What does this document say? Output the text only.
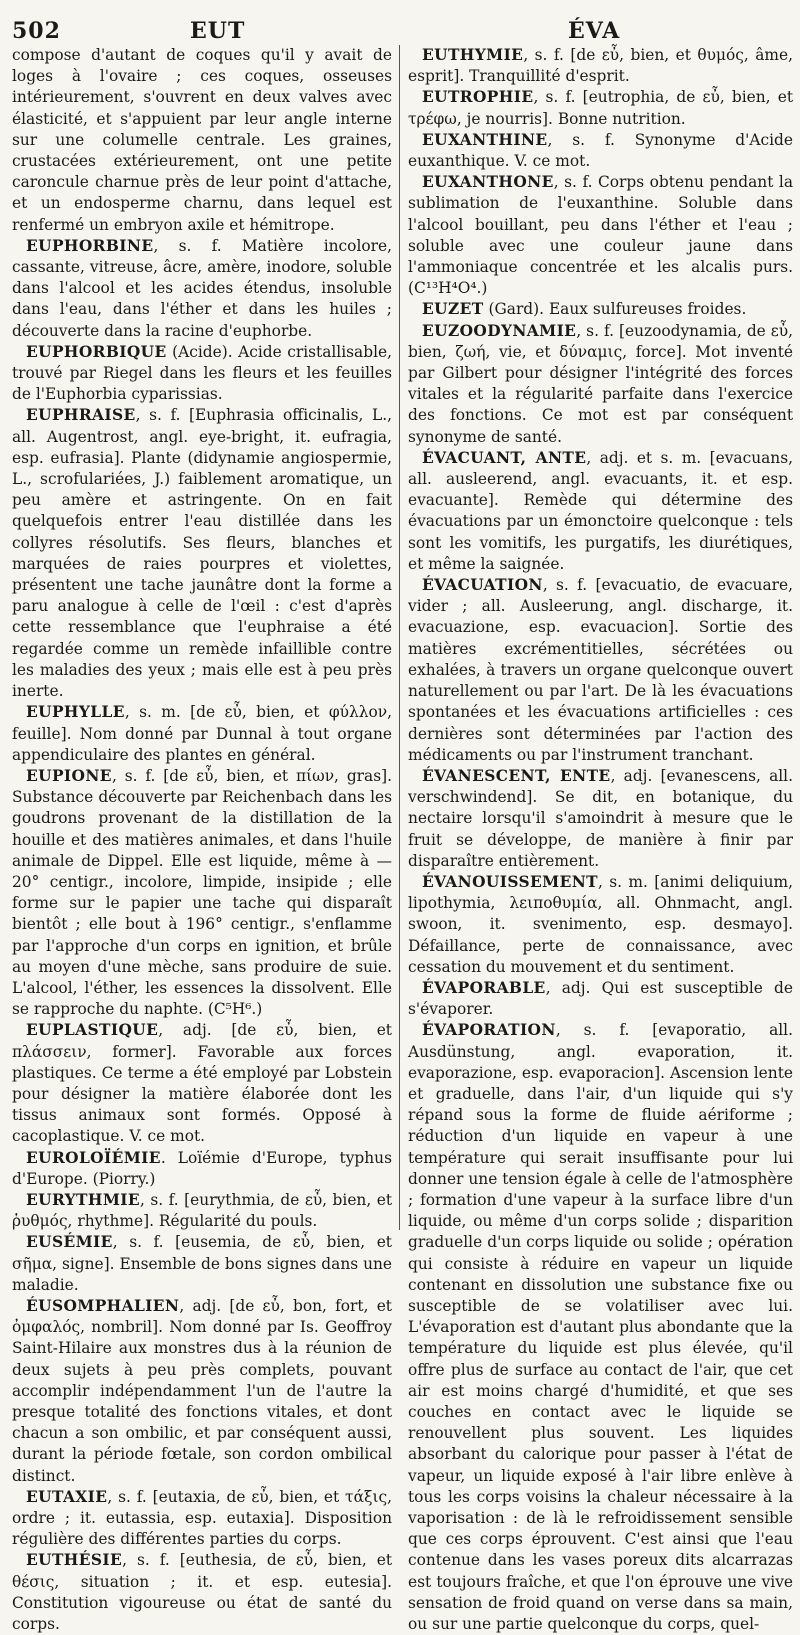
502	EUT	ÉVA

compose d'autant de coques qu'il y avait de loges à l'ovaire ; ces coques, osseuses intérieurement, s'ouvrent en deux valves avec élasticité, et s'appuient par leur angle interne sur une columelle centrale. Les graines, crustacées extérieurement, ont une petite caroncule charnue près de leur point d'attache, et un endosperme charnu, dans lequel est renfermé un embryon axile et hémitrope.

EUPHORBINE, s. f. Matière incolore, cassante, vitreuse, âcre, amère, inodore, soluble dans l'alcool et les acides étendus, insoluble dans l'eau, dans l'éther et dans les huiles ; découverte dans la racine d'euphorbe.

EUPHORBIQUE (Acide). Acide cristallisable, trouvé par Riegel dans les fleurs et les feuilles de l'Euphorbia cyparissias.

EUPHRAISE, s. f. [Euphrasia officinalis, L., all. Augentrost, angl. eye-bright, it. eufragia, esp. eufrasia]. Plante (didynamie angiospermie, L., scrofulariées, J.) faiblement aromatique, un peu amère et astringente. On en fait quelquefois entrer l'eau distillée dans les collyres résolutifs. Ses fleurs, blanches et marquées de raies pourpres et violettes, présentent une tache jaunâtre dont la forme a paru analogue à celle de l'œil : c'est d'après cette ressemblance que l'euphraise a été regardée comme un remède infaillible contre les maladies des yeux ; mais elle est à peu près inerte.

EUPHYLLE, s. m. [de εὖ, bien, et φύλλον, feuille]. Nom donné par Dunnal à tout organe appendiculaire des plantes en général.

EUPIONE, s. f. [de εὖ, bien, et πίων, gras]. Substance découverte par Reichenbach dans les goudrons provenant de la distillation de la houille et des matières animales, et dans l'huile animale de Dippel. Elle est liquide, même à — 20° centigr., incolore, limpide, insipide ; elle forme sur le papier une tache qui disparaît bientôt ; elle bout à 196° centigr., s'enflamme par l'approche d'un corps en ignition, et brûle au moyen d'une mèche, sans produire de suie. L'alcool, l'éther, les essences la dissolvent. Elle se rapproche du naphte. (C⁵H⁶.)

EUPLASTIQUE, adj. [de εὖ, bien, et πλάσσειν, former]. Favorable aux forces plastiques. Ce terme a été employé par Lobstein pour désigner la matière élaborée dont les tissus animaux sont formés. Opposé à cacoplastique. V. ce mot.

EUROLOÏÉMIE. Loïémie d'Europe, typhus d'Europe. (Piorry.)

EURYTHMIE, s. f. [eurythmia, de εὖ, bien, et ῥυθμός, rhythme]. Régularité du pouls.

EUSÉMIE, s. f. [eusemia, de εὖ, bien, et σῆμα, signe]. Ensemble de bons signes dans une maladie.

ÉUSOMPHALIEN, adj. [de εὖ, bon, fort, et ὀμφαλός, nombril]. Nom donné par Is. Geoffroy Saint-Hilaire aux monstres dus à la réunion de deux sujets à peu près complets, pouvant accomplir indépendamment l'un de l'autre la presque totalité des fonctions vitales, et dont chacun a son ombilic, et par conséquent aussi, durant la période fœtale, son cordon ombilical distinct.

EUTAXIE, s. f. [eutaxia, de εὖ, bien, et τάξις, ordre ; it. eutassia, esp. eutaxia]. Disposition régulière des différentes parties du corps.

EUTHÉSIE, s. f. [euthesia, de εὖ, bien, et θέσις, situation ; it. et esp. eutesia]. Constitution vigoureuse ou état de santé du corps.

EUTHYMIE, s. f. [de εὖ, bien, et θυμός, âme, esprit]. Tranquillité d'esprit.

EUTROPHIE, s. f. [eutrophia, de εὖ, bien, et τρέφω, je nourris]. Bonne nutrition.

EUXANTHINE, s. f. Synonyme d'Acide euxanthique. V. ce mot.

EUXANTHONE, s. f. Corps obtenu pendant la sublimation de l'euxanthine. Soluble dans l'alcool bouillant, peu dans l'éther et l'eau ; soluble avec une couleur jaune dans l'ammoniaque concentrée et les alcalis purs. (C¹³H⁴O⁴.)

EUZET (Gard). Eaux sulfureuses froides.

EUZOODYNAMIE, s. f. [euzoodynamia, de εὖ, bien, ζωή, vie, et δύναμις, force]. Mot inventé par Gilbert pour désigner l'intégrité des forces vitales et la régularité parfaite dans l'exercice des fonctions. Ce mot est par conséquent synonyme de santé.

ÉVACUANT, ANTE, adj. et s. m. [evacuans, all. ausleerend, angl. evacuants, it. et esp. evacuante]. Remède qui détermine des évacuations par un émonctoire quelconque : tels sont les vomitifs, les purgatifs, les diurétiques, et même la saignée.

ÉVACUATION, s. f. [evacuatio, de evacuare, vider ; all. Ausleerung, angl. discharge, it. evacuazione, esp. evacuacion]. Sortie des matières excrémentitielles, sécrétées ou exhalées, à travers un organe quelconque ouvert naturellement ou par l'art. De là les évacuations spontanées et les évacuations artificielles : ces dernières sont déterminées par l'action des médicaments ou par l'instrument tranchant.

ÉVANESCENT, ENTE, adj. [evanescens, all. verschwindend]. Se dit, en botanique, du nectaire lorsqu'il s'amoindrit à mesure que le fruit se développe, de manière à finir par disparaître entièrement.

ÉVANOUISSEMENT, s. m. [animi deliquium, lipothymia, λειποθυμία, all. Ohnmacht, angl. swoon, it. svenimento, esp. desmayo]. Défaillance, perte de connaissance, avec cessation du mouvement et du sentiment.

ÉVAPORABLE, adj. Qui est susceptible de s'évaporer.

ÉVAPORATION, s. f. [evaporatio, all. Ausdünstung, angl. evaporation, it. evaporazione, esp. evaporacion]. Ascension lente et graduelle, dans l'air, d'un liquide qui s'y répand sous la forme de fluide aériforme ; réduction d'un liquide en vapeur à une température qui serait insuffisante pour lui donner une tension égale à celle de l'atmosphère ; formation d'une vapeur à la surface libre d'un liquide, ou même d'un corps solide ; disparition graduelle d'un corps liquide ou solide ; opération qui consiste à réduire en vapeur un liquide contenant en dissolution une substance fixe ou susceptible de se volatiliser avec lui. L'évaporation est d'autant plus abondante que la température du liquide est plus élevée, qu'il offre plus de surface au contact de l'air, que cet air est moins chargé d'humidité, et que ses couches en contact avec le liquide se renouvellent plus souvent. Les liquides absorbant du calorique pour passer à l'état de vapeur, un liquide exposé à l'air libre enlève à tous les corps voisins la chaleur nécessaire à la vaporisation : de là le refroidissement sensible que ces corps éprouvent. C'est ainsi que l'eau contenue dans les vases poreux dits alcarrazas est toujours fraîche, et que l'on éprouve une vive sensation de froid quand on verse dans sa main, ou sur une partie quelconque du corps, quel-
